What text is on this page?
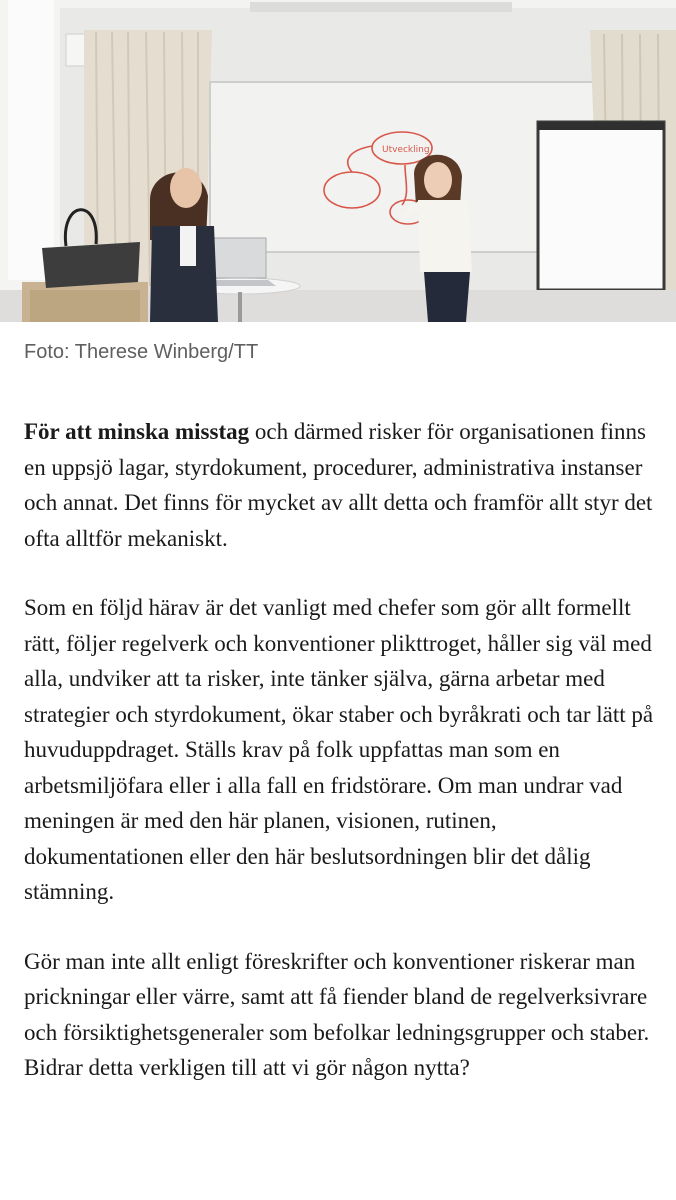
Utveckling

Foto: Therese Winberg/TT

För att minska misstag och därmed risker för organisationen finns en uppsjö lagar, styrdokument, procedurer, administrativa instanser och annat. Det finns för mycket av allt detta och framför allt styr det ofta alltför mekaniskt.

Som en följd härav är det vanligt med chefer som gör allt formellt rätt, följer regelverk och konventioner plikttroget, håller sig väl med alla, undviker att ta risker, inte tänker själva, gärna arbetar med strategier och styrdokument, ökar staber och byråkrati och tar lätt på huvuduppdraget. Ställs krav på folk uppfattas man som en arbetsmiljöfara eller i alla fall en fridstörare. Om man undrar vad meningen är med den här planen, visionen, rutinen, dokumentationen eller den här beslutsordningen blir det dålig stämning.

Gör man inte allt enligt föreskrifter och konventioner riskerar man prickningar eller värre, samt att få fiender bland de regelverksivrare och försiktighetsgeneraler som befolkar ledningsgrupper och staber. Bidrar detta verkligen till att vi gör någon nytta?
